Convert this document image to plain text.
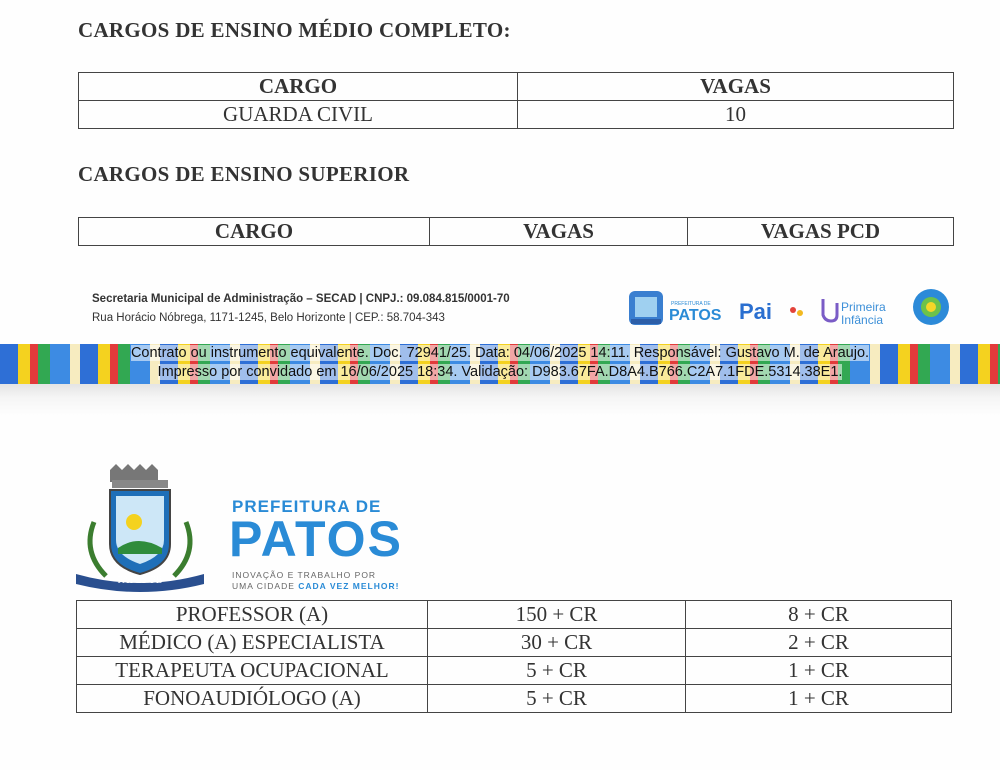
CARGOS DE ENSINO MÉDIO COMPLETO:
CARGO	VAGAS
GUARDA CIVIL	10
CARGOS DE ENSINO SUPERIOR
CARGO	VAGAS	VAGAS PCD
Secretaria Municipal de Administração – SECAD | CNPJ.: 09.084.815/0001-70
Rua Horácio Nóbrega, 1171-1245, Belo Horizonte | CEP.: 58.704-343
PREFEITURA DE
PATOS Pai	Primeira
Infância
Contrato ou instrumento equivalente. Doc. 72941/25. Data: 04/06/2025 14:11. Responsável: Gustavo M. de Araujo.
Impresso por convidado em 16/06/2025 18:34. Validação: D983.67FA.D8A4.B766.C2A7.1FDE.5314.38E1.
PATOS-PB
PREFEITURA DE
PATOS
INOVAÇÃO E TRABALHO POR
UMA CIDADE CADA VEZ MELHOR!
PROFESSOR (A)	150 + CR	8 + CR
MÉDICO (A) ESPECIALISTA	30 + CR	2 + CR
TERAPEUTA OCUPACIONAL	5 + CR	1 + CR
FONOAUDIÓLOGO (A)	5 + CR	1 + CR
